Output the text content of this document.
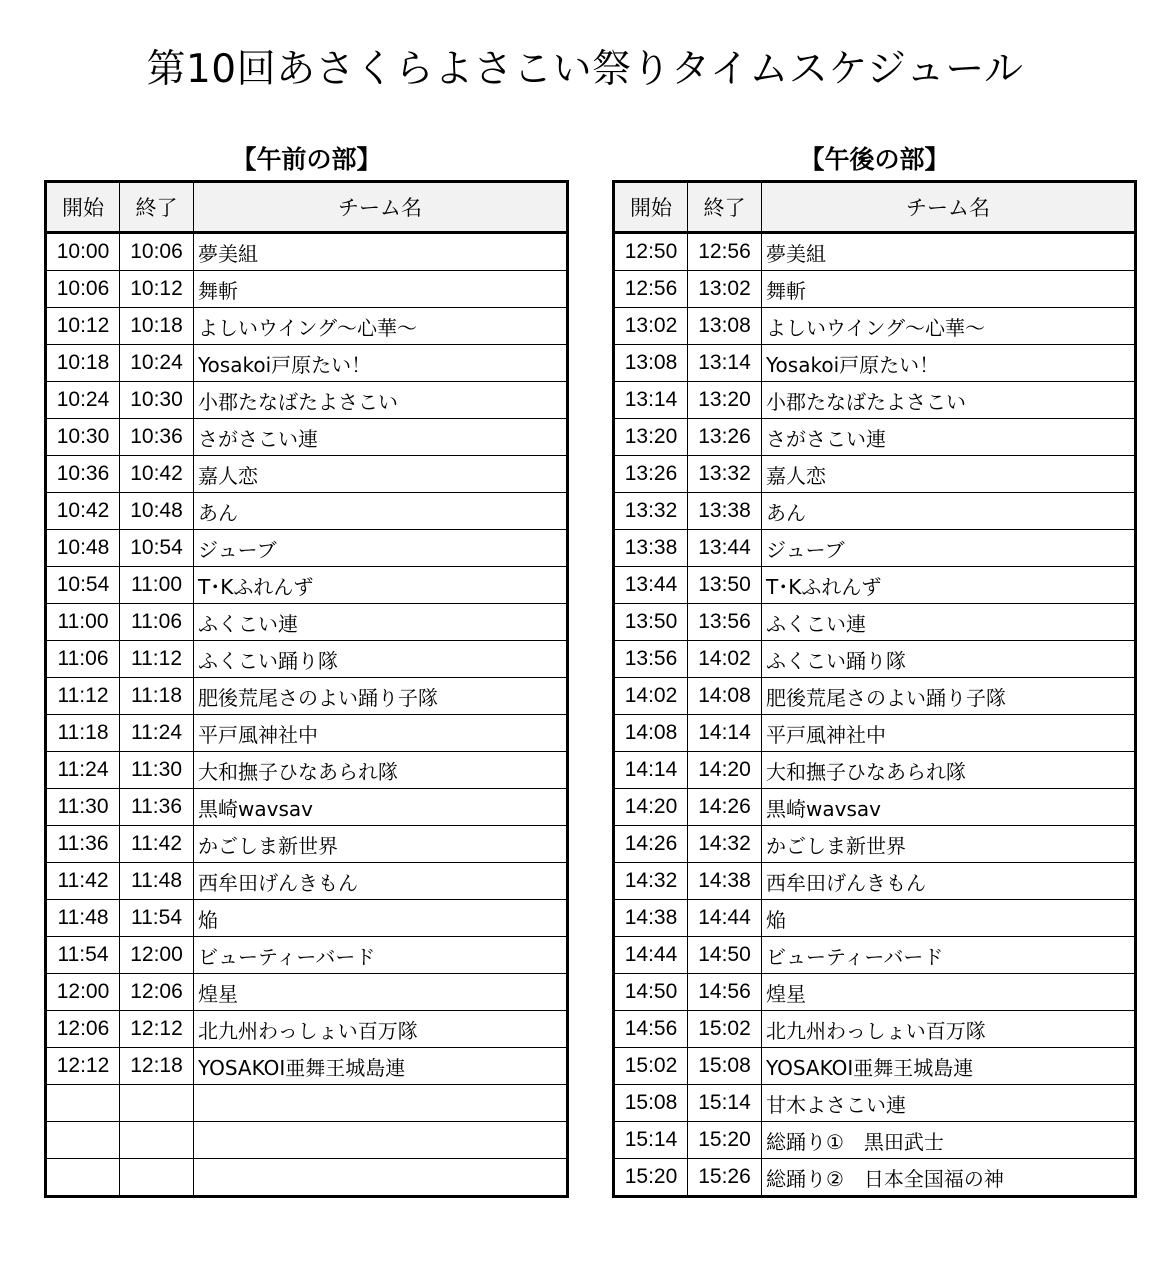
第10回あさくらよさこい祭りタイムスケジュール
【午前の部】	【午後の部】
開始	終了	チーム名
10:00	10:06	夢美組
10:06	10:12	舞斬
10:12	10:18	よしいウイング～心華～
10:18	10:24	Yosakoi戸原たい！
10:24	10:30	小郡たなばたよさこい
10:30	10:36	さがさこい連
10:36	10:42	嘉人恋
10:42	10:48	あん
10:48	10:54	ジューブ
10:54	11:00	T･Kふれんず
11:00	11:06	ふくこい連
11:06	11:12	ふくこい踊り隊
11:12	11:18	肥後荒尾さのよい踊り子隊
11:18	11:24	平戸風神社中
11:24	11:30	大和撫子ひなあられ隊
11:30	11:36	黒崎wavsav
11:36	11:42	かごしま新世界
11:42	11:48	西牟田げんきもん
11:48	11:54	焔
11:54	12:00	ビューティーバード
12:00	12:06	煌星
12:06	12:12	北九州わっしょい百万隊
12:12	12:18	YOSAKOI亜舞王城島連

開始	終了	チーム名
12:50	12:56	夢美組
12:56	13:02	舞斬
13:02	13:08	よしいウイング～心華～
13:08	13:14	Yosakoi戸原たい！
13:14	13:20	小郡たなばたよさこい
13:20	13:26	さがさこい連
13:26	13:32	嘉人恋
13:32	13:38	あん
13:38	13:44	ジューブ
13:44	13:50	T･Kふれんず
13:50	13:56	ふくこい連
13:56	14:02	ふくこい踊り隊
14:02	14:08	肥後荒尾さのよい踊り子隊
14:08	14:14	平戸風神社中
14:14	14:20	大和撫子ひなあられ隊
14:20	14:26	黒崎wavsav
14:26	14:32	かごしま新世界
14:32	14:38	西牟田げんきもん
14:38	14:44	焔
14:44	14:50	ビューティーバード
14:50	14:56	煌星
14:56	15:02	北九州わっしょい百万隊
15:02	15:08	YOSAKOI亜舞王城島連
15:08	15:14	甘木よさこい連
15:14	15:20	総踊り①　黒田武士
15:20	15:26	総踊り②　日本全国福の神
